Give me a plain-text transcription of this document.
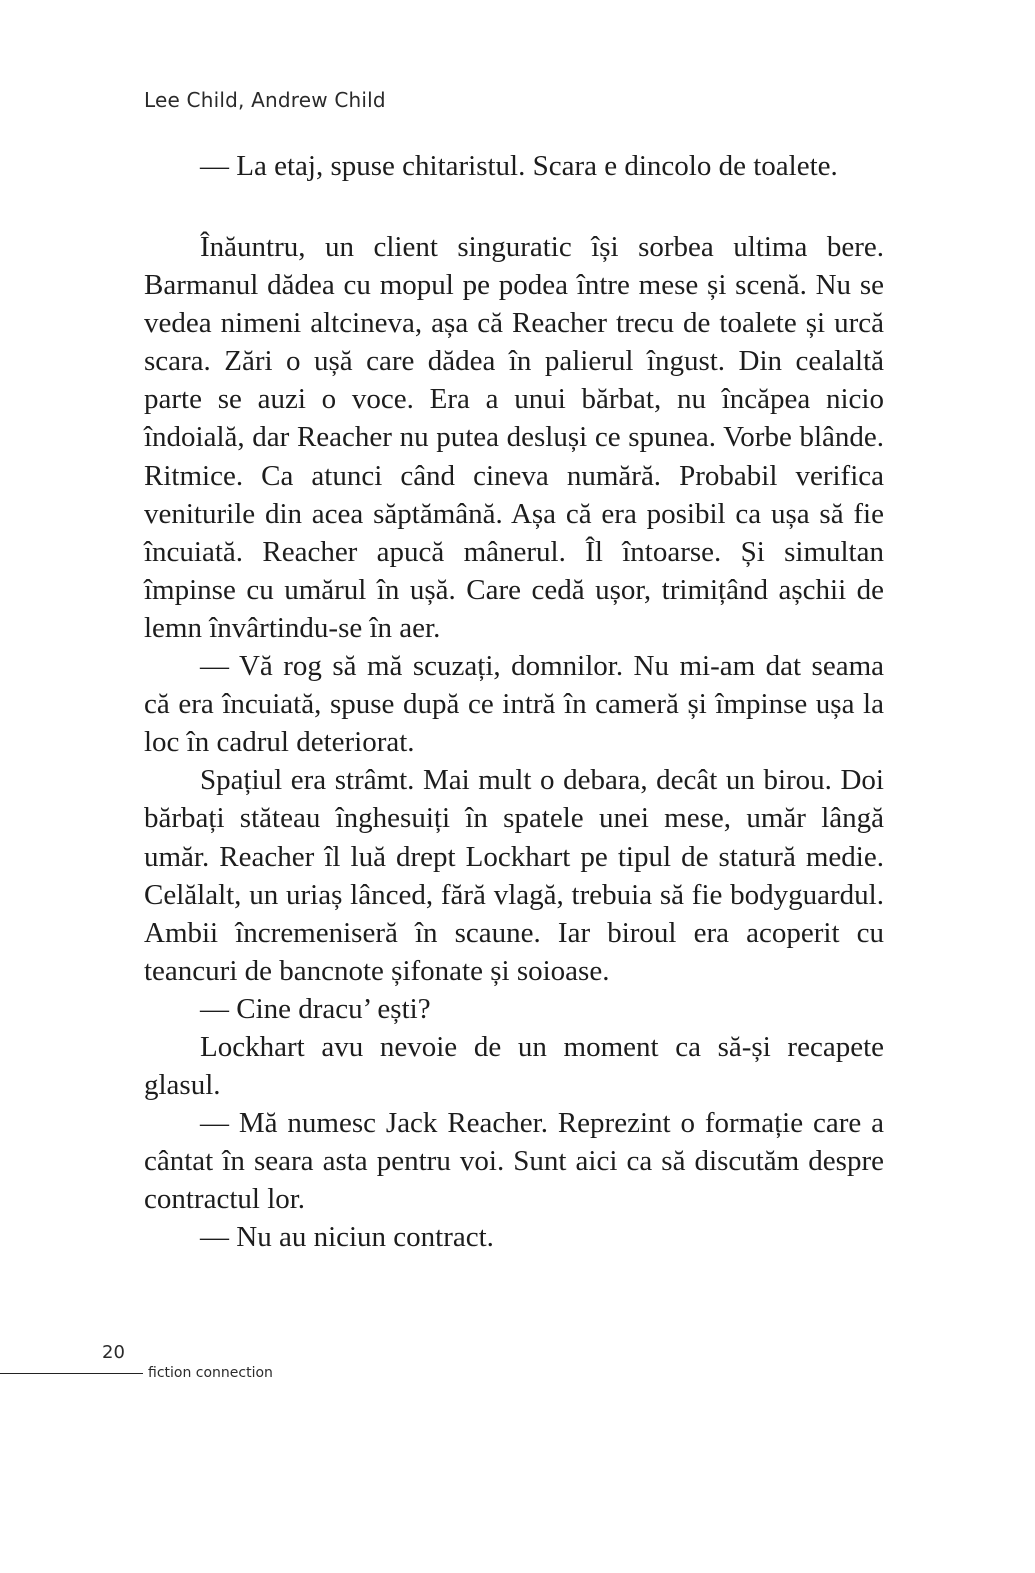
Lee Child, Andrew Child

— La etaj, spuse chitaristul. Scara e dincolo de toalete.

Înăuntru, un client singuratic își sorbea ultima bere. Barmanul dădea cu mopul pe podea între mese și scenă. Nu se vedea nimeni altcineva, așa că Reacher trecu de toalete și urcă scara. Zări o ușă care dădea în palierul îngust. Din cealaltă parte se auzi o voce. Era a unui bărbat, nu încăpea nicio îndoială, dar Reacher nu putea desluși ce spunea. Vorbe blânde. Ritmice. Ca atunci când cineva numără. Probabil verifica veniturile din acea săptămână. Așa că era posibil ca ușa să fie încuiată. Reacher apucă mânerul. Îl întoarse. Și simultan împinse cu umărul în ușă. Care cedă ușor, trimițând așchii de lemn învârtindu-se în aer.

— Vă rog să mă scuzați, domnilor. Nu mi-am dat seama că era încuiată, spuse după ce intră în cameră și împinse ușa la loc în cadrul deteriorat.

Spațiul era strâmt. Mai mult o debara, decât un birou. Doi bărbați stăteau înghesuiți în spatele unei mese, umăr lângă umăr. Reacher îl luă drept Lockhart pe tipul de statură medie. Celălalt, un uriaș lânced, fără vlagă, trebuia să fie bodyguardul. Ambii încremeniseră în scaune. Iar biroul era acoperit cu teancuri de bancnote șifonate și soioase.

— Cine dracu’ ești?

Lockhart avu nevoie de un moment ca să-și recapete glasul.

— Mă numesc Jack Reacher. Reprezint o formație care a cântat în seara asta pentru voi. Sunt aici ca să discutăm despre contractul lor.

— Nu au niciun contract.

20
fiction connection
